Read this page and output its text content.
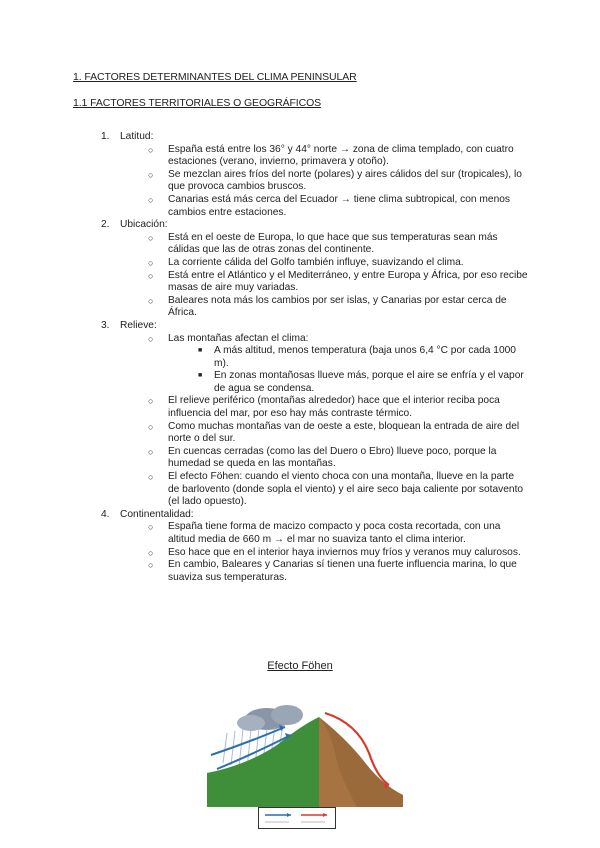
1. FACTORES DETERMINANTES DEL CLIMA PENINSULAR
1.1 FACTORES TERRITORIALES O GEOGRÁFICOS
1. Latitud:
○ España está entre los 36° y 44° norte → zona de clima templado, con cuatro estaciones (verano, invierno, primavera y otoño).
○ Se mezclan aires fríos del norte (polares) y aires cálidos del sur (tropicales), lo que provoca cambios bruscos.
○ Canarias está más cerca del Ecuador → tiene clima subtropical, con menos cambios entre estaciones.
2. Ubicación:
○ Está en el oeste de Europa, lo que hace que sus temperaturas sean más cálidas que las de otras zonas del continente.
○ La corriente cálida del Golfo también influye, suavizando el clima.
○ Está entre el Atlántico y el Mediterráneo, y entre Europa y África, por eso recibe masas de aire muy variadas.
○ Baleares nota más los cambios por ser islas, y Canarias por estar cerca de África.
3. Relieve:
○ Las montañas afectan el clima:
■ A más altitud, menos temperatura (baja unos 6,4 °C por cada 1000 m).
■ En zonas montañosas llueve más, porque el aire se enfría y el vapor de agua se condensa.
○ El relieve periférico (montañas alrededor) hace que el interior reciba poca influencia del mar, por eso hay más contraste térmico.
○ Como muchas montañas van de oeste a este, bloquean la entrada de aire del norte o del sur.
○ En cuencas cerradas (como las del Duero o Ebro) llueve poco, porque la humedad se queda en las montañas.
○ El efecto Föhen: cuando el viento choca con una montaña, llueve en la parte de barlovento (donde sopla el viento) y el aire seco baja caliente por sotavento (el lado opuesto).
4. Continentalidad:
○ España tiene forma de macizo compacto y poca costa recortada, con una altitud media de 660 m → el mar no suaviza tanto el clima interior.
○ Eso hace que en el interior haya inviernos muy fríos y veranos muy calurosos.
○ En cambio, Baleares y Canarias sí tienen una fuerte influencia marina, lo que suaviza sus temperaturas.
Efecto Föhen
